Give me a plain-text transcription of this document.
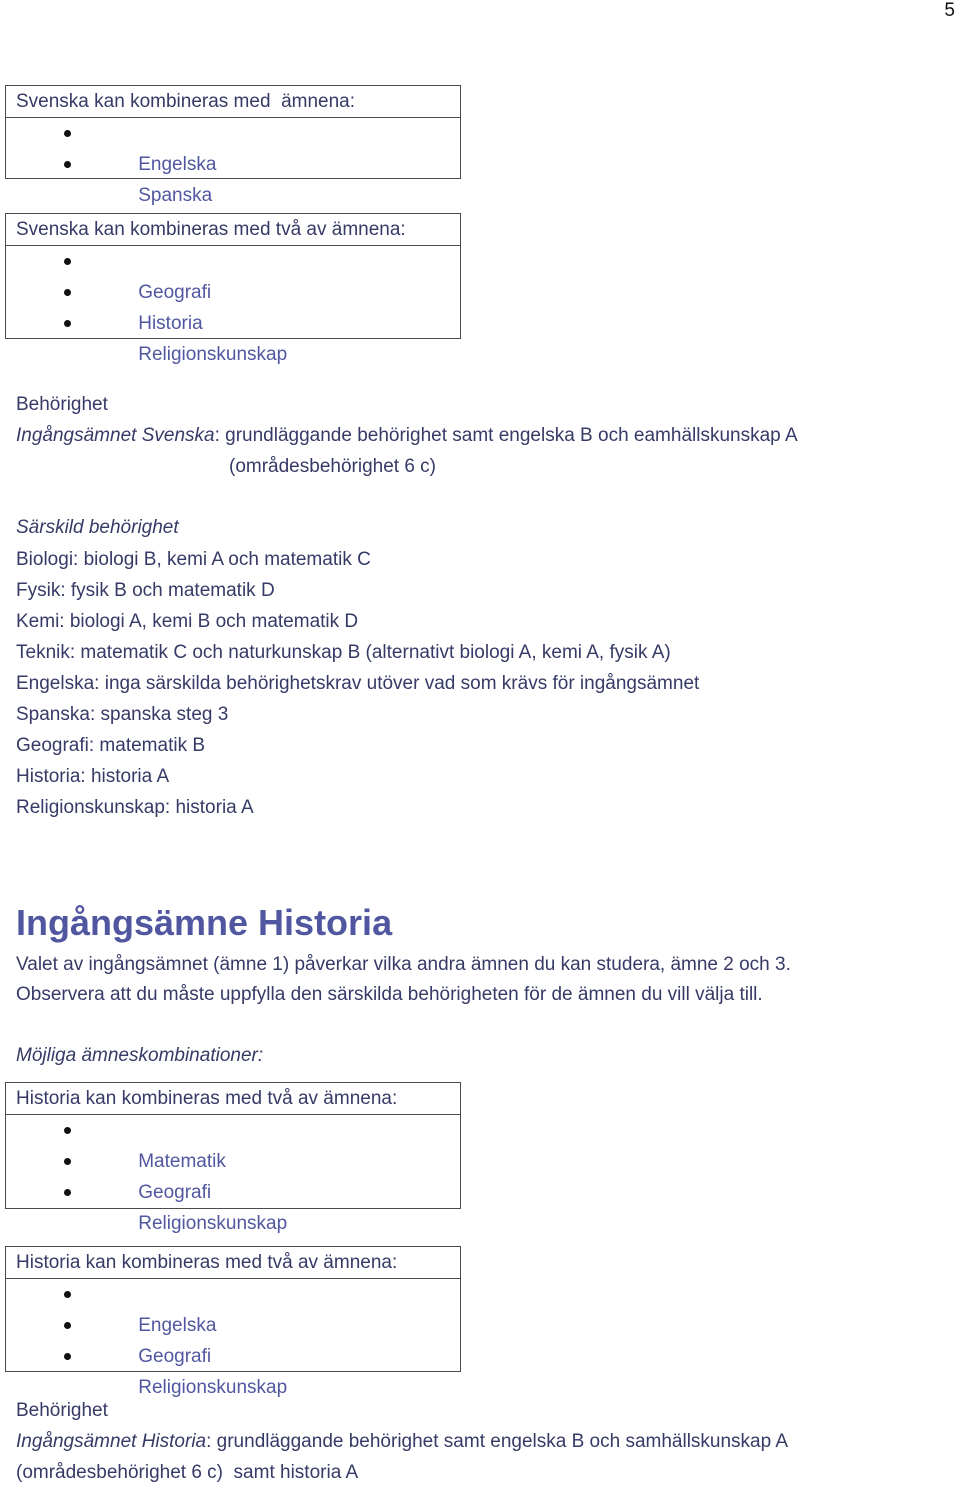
5
Svenska kan kombineras med  ämnena:

Engelska

Spanska

Svenska kan kombineras med två av ämnena:

Geografi

Historia

Religionskunskap

Behörighet
Ingångsämnet Svenska: grundläggande behörighet samt engelska B och eamhällskunskap A
(områdesbehörighet 6 c)
Särskild behörighet
Biologi: biologi B, kemi A och matematik C
Fysik: fysik B och matematik D
Kemi: biologi A, kemi B och matematik D
Teknik: matematik C och naturkunskap B (alternativt biologi A, kemi A, fysik A)
Engelska: inga särskilda behörighetskrav utöver vad som krävs för ingångsämnet
Spanska: spanska steg 3
Geografi: matematik B
Historia: historia A
Religionskunskap: historia A
Ingångsämne Historia
Valet av ingångsämnet (ämne 1) påverkar vilka andra ämnen du kan studera, ämne 2 och 3.
Observera att du måste uppfylla den särskilda behörigheten för de ämnen du vill välja till.
Möjliga ämneskombinationer:
Historia kan kombineras med två av ämnena:

Matematik

Geografi

Religionskunskap

Historia kan kombineras med två av ämnena:

Engelska

Geografi

Religionskunskap

Behörighet
Ingångsämnet Historia: grundläggande behörighet samt engelska B och samhällskunskap A
(områdesbehörighet 6 c)  samt historia A
